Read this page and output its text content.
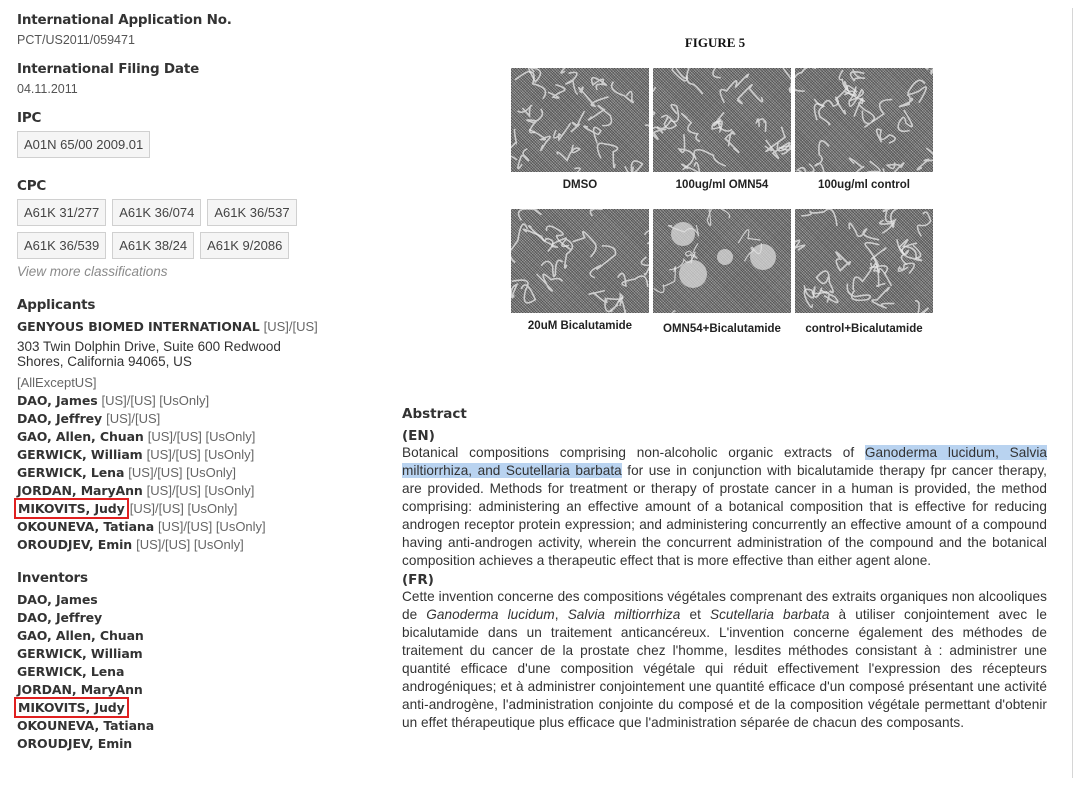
International Application No.
PCT/US2011/059471
International Filing Date
04.11.2011
IPC
A01N 65/00 2009.01
CPC
A61K 31/277	A61K 36/074	A61K 36/537
A61K 36/539	A61K 38/24	A61K 9/2086
View more classifications
Applicants
GENYOUS BIOMED INTERNATIONAL [US]/[US]
303 Twin Dolphin Drive, Suite 600 Redwood Shores, California 94065, US
[AllExceptUS]
DAO, James [US]/[US] [UsOnly]
DAO, Jeffrey [US]/[US]
GAO, Allen, Chuan [US]/[US] [UsOnly]
GERWICK, William [US]/[US] [UsOnly]
GERWICK, Lena [US]/[US] [UsOnly]
JORDAN, MaryAnn [US]/[US] [UsOnly]
MIKOVITS, Judy [US]/[US] [UsOnly]
OKOUNEVA, Tatiana [US]/[US] [UsOnly]
OROUDJEV, Emin [US]/[US] [UsOnly]
Inventors
DAO, James
DAO, Jeffrey
GAO, Allen, Chuan
GERWICK, William
GERWICK, Lena
JORDAN, MaryAnn
MIKOVITS, Judy
OKOUNEVA, Tatiana
OROUDJEV, Emin
FIGURE 5
DMSO	100ug/ml OMN54	100ug/ml control
20uM Bicalutamide	OMN54+Bicalutamide	control+Bicalutamide
Abstract
(EN)
Botanical compositions comprising non-alcoholic organic extracts of Ganoderma lucidum, Salvia miltiorrhiza, and Scutellaria barbata for use in conjunction with bicalutamide therapy fpr cancer therapy, are provided. Methods for treatment or therapy of prostate cancer in a human is provided, the method comprising: administering an effective amount of a botanical composition that is effective for reducing androgen receptor protein expression; and administering concurrently an effective amount of a compound having anti-androgen activity, wherein the concurrent administration of the compound and the botanical composition achieves a therapeutic effect that is more effective than either agent alone.
(FR)
Cette invention concerne des compositions végétales comprenant des extraits organiques non alcooliques de Ganoderma lucidum, Salvia miltiorrhiza et Scutellaria barbata à utiliser conjointement avec le bicalutamide dans un traitement anticancéreux. L'invention concerne également des méthodes de traitement du cancer de la prostate chez l'homme, lesdites méthodes consistant à : administrer une quantité efficace d'une composition végétale qui réduit effectivement l'expression des récepteurs androgéniques; et à administrer conjointement une quantité efficace d'un composé présentant une activité anti-androgène, l'administration conjointe du composé et de la composition végétale permettant d'obtenir un effet thérapeutique plus efficace que l'administration séparée de chacun des composants.
